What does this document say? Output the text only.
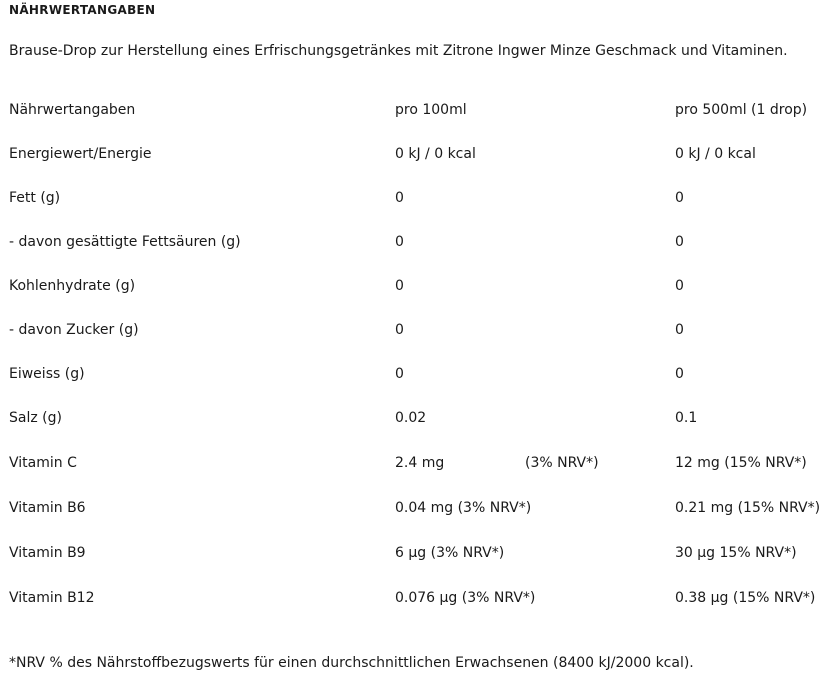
NÄHRWERTANGABEN

Brause-Drop zur Herstellung eines Erfrischungsgetränkes mit Zitrone Ingwer Minze Geschmack und Vitaminen.

Nährwertangaben	pro 100ml	pro 500ml (1 drop)
Energiewert/Energie	0 kJ / 0 kcal	0 kJ / 0 kcal
Fett (g)	0	0
- davon gesättigte Fettsäuren (g)	0	0
Kohlenhydrate (g)	0	0
- davon Zucker (g)	0	0
Eiweiss (g)	0	0
Salz (g)	0.02	0.1
Vitamin C	2.4 mg (3% NRV*)	12 mg (15% NRV*)
Vitamin B6	0.04 mg (3% NRV*)	0.21 mg (15% NRV*)
Vitamin B9	6 µg (3% NRV*)	30 µg 15% NRV*)
Vitamin B12	0.076 µg (3% NRV*)	0.38 µg (15% NRV*)

*NRV % des Nährstoffbezugswerts für einen durchschnittlichen Erwachsenen (8400 kJ/2000 kcal).
